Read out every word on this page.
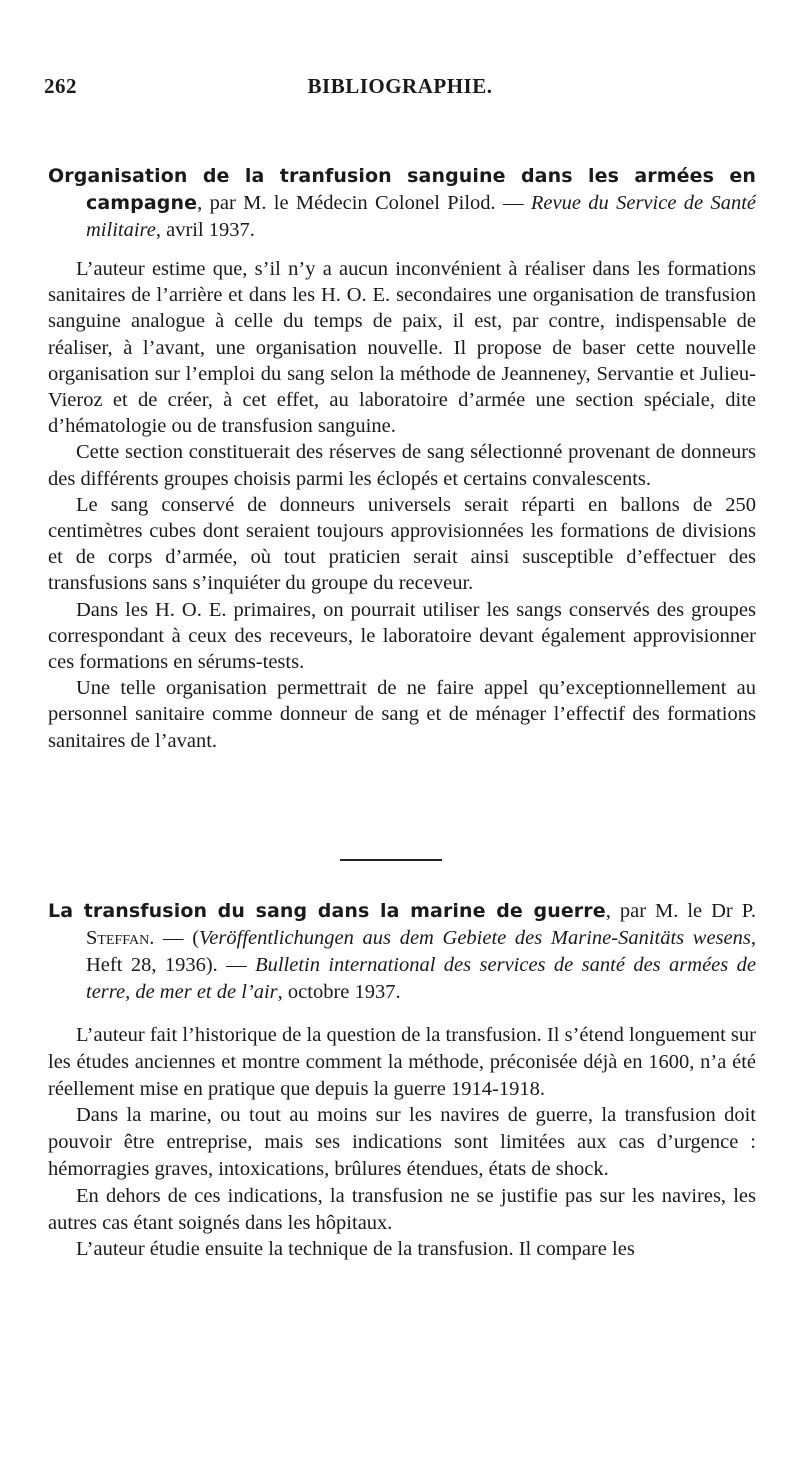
262	BIBLIOGRAPHIE.

Organisation de la tranfusion sanguine dans les armées en campagne, par M. le Médecin Colonel Pilod. — Revue du Service de Santé militaire, avril 1937.

L’auteur estime que, s’il n’y a aucun inconvénient à réaliser dans les formations sanitaires de l’arrière et dans les H. O. E. secondaires une organisation de transfusion sanguine analogue à celle du temps de paix, il est, par contre, indispensable de réaliser, à l’avant, une organisation nouvelle. Il propose de baser cette nouvelle organisation sur l’emploi du sang selon la méthode de Jeanneney, Servantie et Julieu-Vieroz et de créer, à cet effet, au laboratoire d’armée une section spéciale, dite d’hématologie ou de transfusion sanguine.

Cette section constituerait des réserves de sang sélectionné provenant de donneurs des différents groupes choisis parmi les éclopés et certains convalescents.

Le sang conservé de donneurs universels serait réparti en ballons de 250 centimètres cubes dont seraient toujours approvisionnées les formations de divisions et de corps d’armée, où tout praticien serait ainsi susceptible d’effectuer des transfusions sans s’inquiéter du groupe du receveur.

Dans les H. O. E. primaires, on pourrait utiliser les sangs conservés des groupes correspondant à ceux des receveurs, le laboratoire devant également approvisionner ces formations en sérums-tests.

Une telle organisation permettrait de ne faire appel qu’exceptionnellement au personnel sanitaire comme donneur de sang et de ménager l’effectif des formations sanitaires de l’avant.

La transfusion du sang dans la marine de guerre, par M. le Dr P. Steffan. — (Veröffentlichungen aus dem Gebiete des Marine-Sanitäts wesens, Heft 28, 1936). — Bulletin international des services de santé des armées de terre, de mer et de l’air, octobre 1937.

L’auteur fait l’historique de la question de la transfusion. Il s’étend longuement sur les études anciennes et montre comment la méthode, préconisée déjà en 1600, n’a été réellement mise en pratique que depuis la guerre 1914-1918.

Dans la marine, ou tout au moins sur les navires de guerre, la transfusion doit pouvoir être entreprise, mais ses indications sont limitées aux cas d’urgence : hémorragies graves, intoxications, brûlures étendues, états de shock.

En dehors de ces indications, la transfusion ne se justifie pas sur les navires, les autres cas étant soignés dans les hôpitaux.

L’auteur étudie ensuite la technique de la transfusion. Il compare les
